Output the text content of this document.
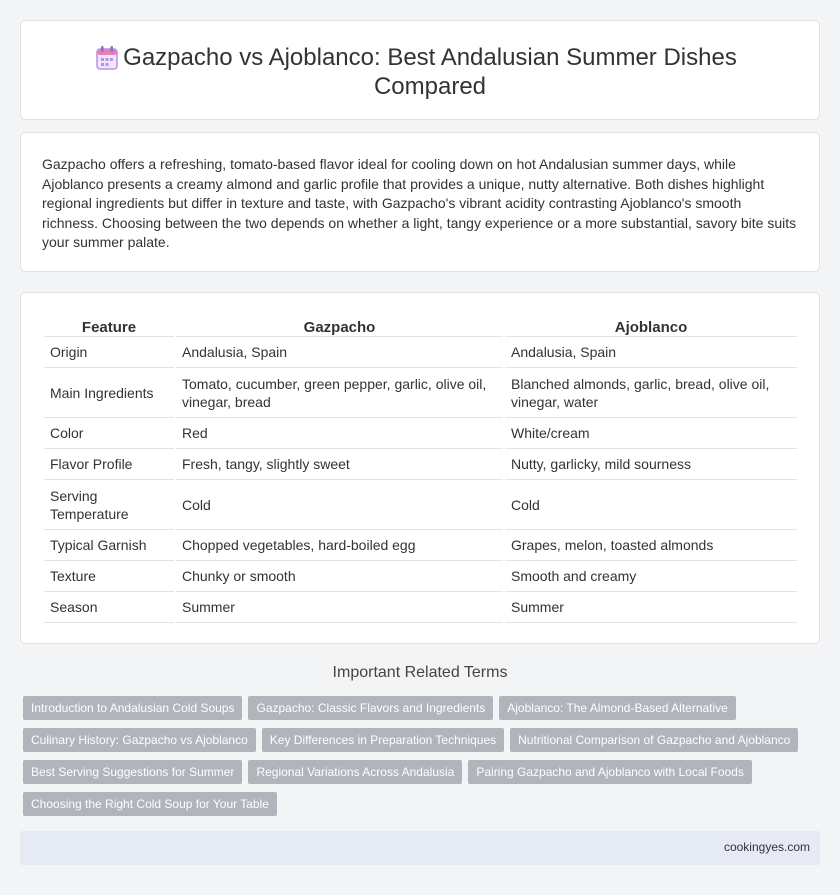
Gazpacho vs Ajoblanco: Best Andalusian Summer Dishes Compared

Gazpacho offers a refreshing, tomato-based flavor ideal for cooling down on hot Andalusian summer days, while Ajoblanco presents a creamy almond and garlic profile that provides a unique, nutty alternative. Both dishes highlight regional ingredients but differ in texture and taste, with Gazpacho's vibrant acidity contrasting Ajoblanco's smooth richness. Choosing between the two depends on whether a light, tangy experience or a more substantial, savory bite suits your summer palate.

Feature	Gazpacho	Ajoblanco
Origin	Andalusia, Spain	Andalusia, Spain
Main Ingredients	Tomato, cucumber, green pepper, garlic, olive oil, vinegar, bread	Blanched almonds, garlic, bread, olive oil, vinegar, water
Color	Red	White/cream
Flavor Profile	Fresh, tangy, slightly sweet	Nutty, garlicky, mild sourness
Serving Temperature	Cold	Cold
Typical Garnish	Chopped vegetables, hard-boiled egg	Grapes, melon, toasted almonds
Texture	Chunky or smooth	Smooth and creamy
Season	Summer	Summer
Important Related Terms
Introduction to Andalusian Cold Soups	Gazpacho: Classic Flavors and Ingredients	Ajoblanco: The Almond-Based Alternative
Culinary History: Gazpacho vs Ajoblanco	Key Differences in Preparation Techniques	Nutritional Comparison of Gazpacho and Ajoblanco
Best Serving Suggestions for Summer	Regional Variations Across Andalusia	Pairing Gazpacho and Ajoblanco with Local Foods
Choosing the Right Cold Soup for Your Table
cookingyes.com
